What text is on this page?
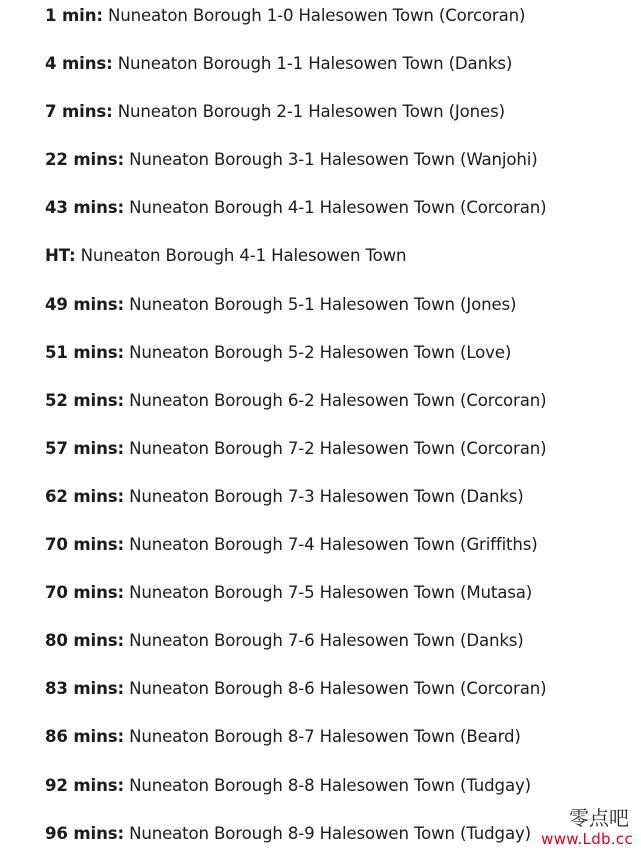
1 min: Nuneaton Borough 1-0 Halesowen Town (Corcoran)
4 mins: Nuneaton Borough 1-1 Halesowen Town (Danks)
7 mins: Nuneaton Borough 2-1 Halesowen Town (Jones)
22 mins: Nuneaton Borough 3-1 Halesowen Town (Wanjohi)
43 mins: Nuneaton Borough 4-1 Halesowen Town (Corcoran)
HT: Nuneaton Borough 4-1 Halesowen Town
49 mins: Nuneaton Borough 5-1 Halesowen Town (Jones)
51 mins: Nuneaton Borough 5-2 Halesowen Town (Love)
52 mins: Nuneaton Borough 6-2 Halesowen Town (Corcoran)
57 mins: Nuneaton Borough 7-2 Halesowen Town (Corcoran)
62 mins: Nuneaton Borough 7-3 Halesowen Town (Danks)
70 mins: Nuneaton Borough 7-4 Halesowen Town (Griffiths)
70 mins: Nuneaton Borough 7-5 Halesowen Town (Mutasa)
80 mins: Nuneaton Borough 7-6 Halesowen Town (Danks)
83 mins: Nuneaton Borough 8-6 Halesowen Town (Corcoran)
86 mins: Nuneaton Borough 8-7 Halesowen Town (Beard)
92 mins: Nuneaton Borough 8-8 Halesowen Town (Tudgay)
96 mins: Nuneaton Borough 8-9 Halesowen Town (Tudgay)
零点吧
www.Ldb.cc
